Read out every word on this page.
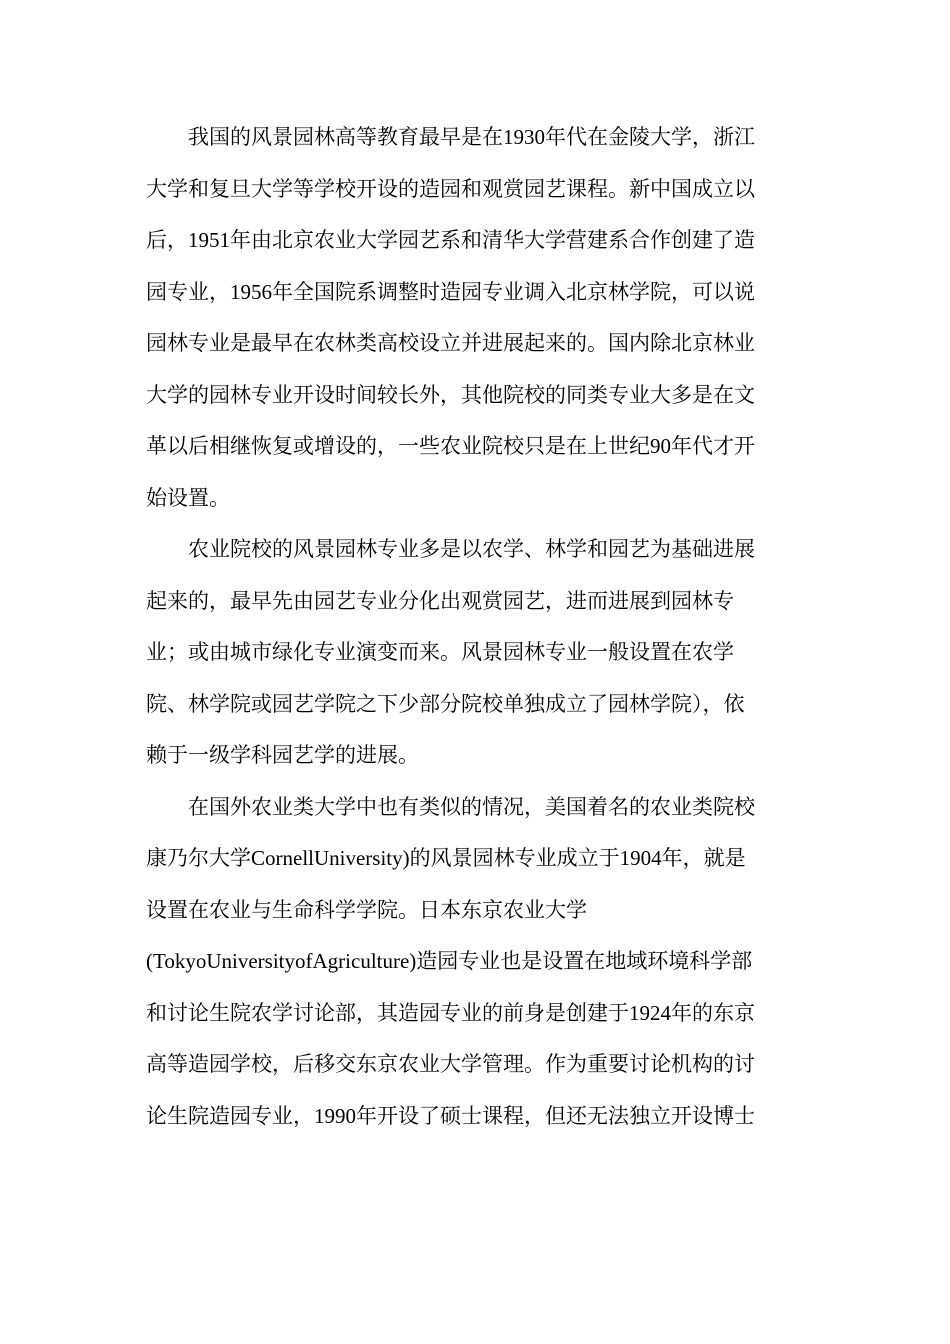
我国的风景园林高等教育最早是在1930年代在金陵大学，浙江
大学和复旦大学等学校开设的造园和观赏园艺课程。新中国成立以
后，1951年由北京农业大学园艺系和清华大学营建系合作创建了造
园专业，1956年全国院系调整时造园专业调入北京林学院，可以说
园林专业是最早在农林类高校设立并进展起来的。国内除北京林业
大学的园林专业开设时间较长外，其他院校的同类专业大多是在文
革以后相继恢复或增设的，一些农业院校只是在上世纪90年代才开
始设置。
农业院校的风景园林专业多是以农学、林学和园艺为基础进展
起来的，最早先由园艺专业分化出观赏园艺，进而进展到园林专
业；或由城市绿化专业演变而来。风景园林专业一般设置在农学
院、林学院或园艺学院之下少部分院校单独成立了园林学院），依
赖于一级学科园艺学的进展。
在国外农业类大学中也有类似的情况，美国着名的农业类院校
康乃尔大学CornellUniversity)的风景园林专业成立于1904年，就是
设置在农业与生命科学学院。日本东京农业大学
(TokyoUniversityofAgriculture)造园专业也是设置在地域环境科学部
和讨论生院农学讨论部，其造园专业的前身是创建于1924年的东京
高等造园学校，后移交东京农业大学管理。作为重要讨论机构的讨
论生院造园专业，1990年开设了硕士课程，但还无法独立开设博士
